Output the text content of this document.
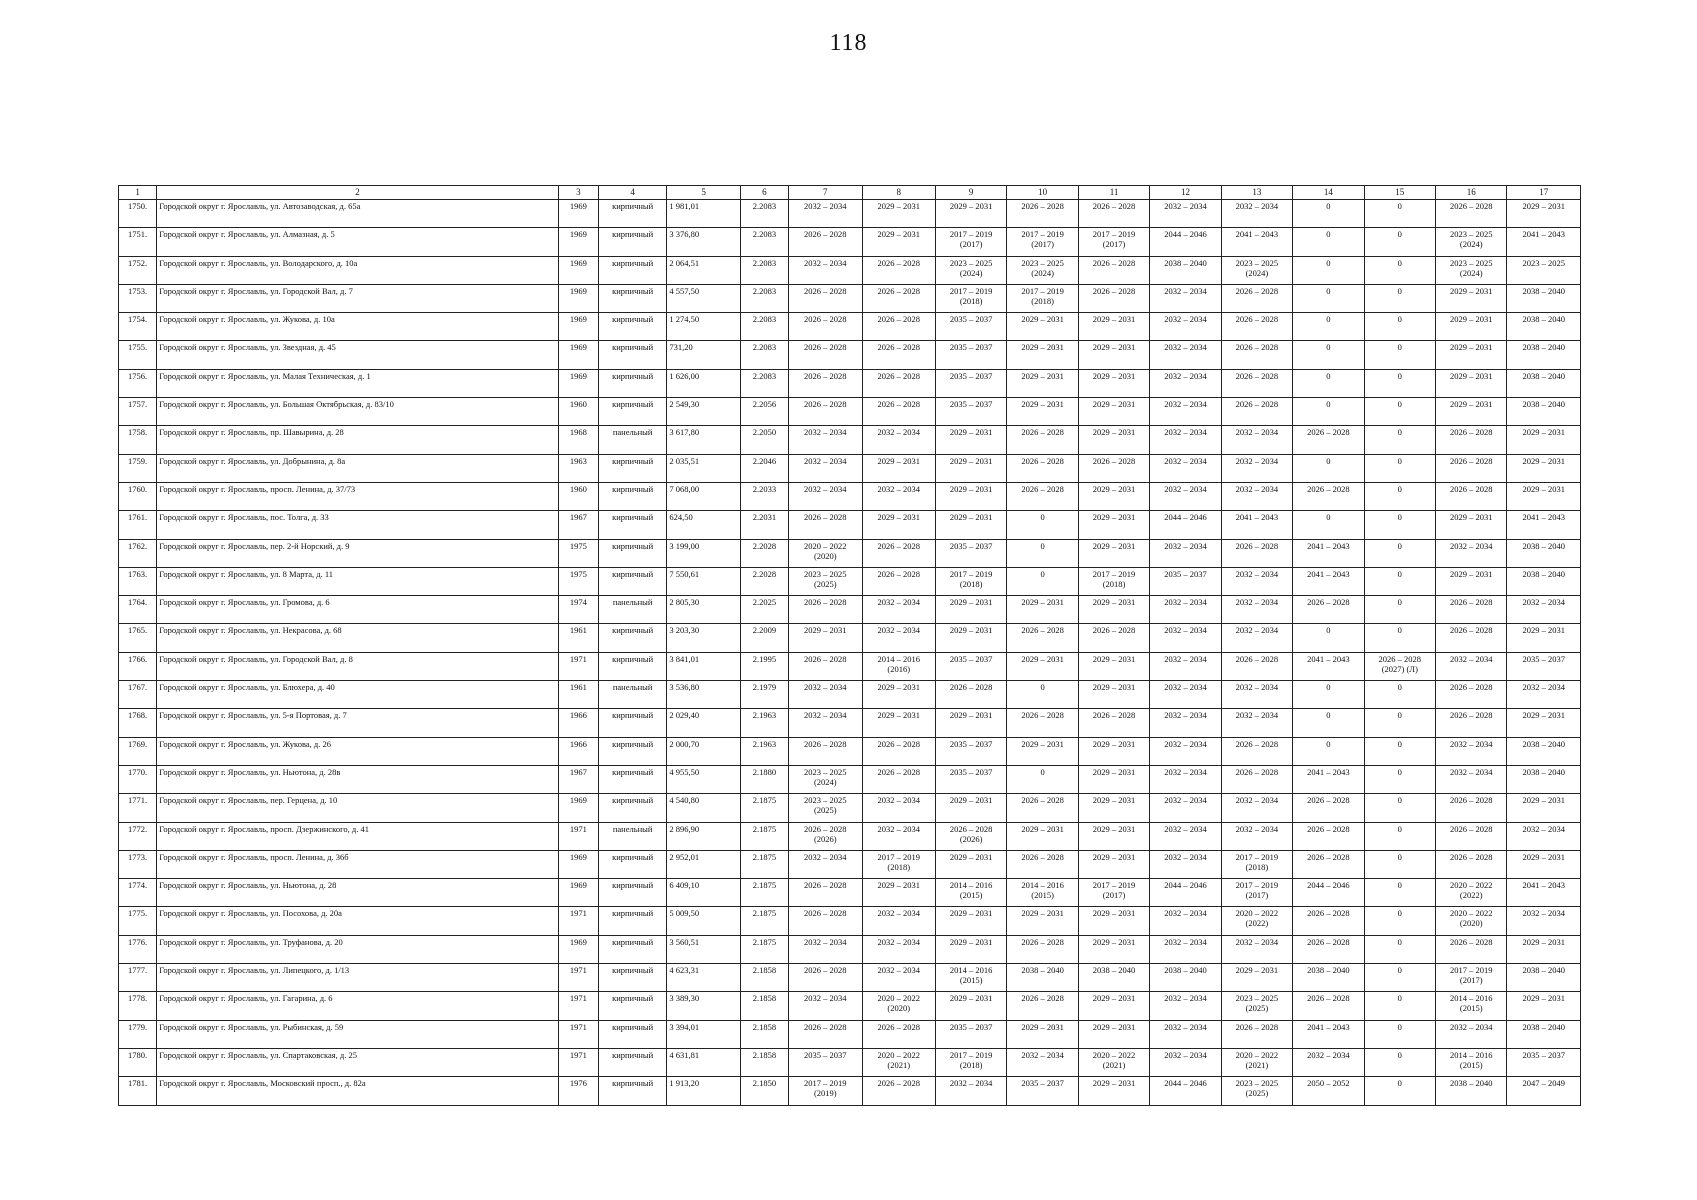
118
1	2	3	4	5	6	7	8	9	10	11	12	13	14	15	16	17
1750.	Городской округ г. Ярославль, ул. Автозаводская, д. 65а	1969	кирпичный	1 981,01	2.2083	2032 – 2034	2029 – 2031	2029 – 2031	2026 – 2028	2026 – 2028	2032 – 2034	2032 – 2034	0	0	2026 – 2028	2029 – 2031
1751.	Городской округ г. Ярославль, ул. Алмазная, д. 5	1969	кирпичный	3 376,80	2.2083	2026 – 2028	2029 – 2031	2017 – 2019
(2017)	2017 – 2019
(2017)	2017 – 2019
(2017)	2044 – 2046	2041 – 2043	0	0	2023 – 2025
(2024)	2041 – 2043
1752.	Городской округ г. Ярославль, ул. Володарского, д. 10а	1969	кирпичный	2 064,51	2.2083	2032 – 2034	2026 – 2028	2023 – 2025
(2024)	2023 – 2025
(2024)	2026 – 2028	2038 – 2040	2023 – 2025
(2024)	0	0	2023 – 2025
(2024)	2023 – 2025
1753.	Городской округ г. Ярославль, ул. Городской Вал, д. 7	1969	кирпичный	4 557,50	2.2083	2026 – 2028	2026 – 2028	2017 – 2019
(2018)	2017 – 2019
(2018)	2026 – 2028	2032 – 2034	2026 – 2028	0	0	2029 – 2031	2038 – 2040
1754.	Городской округ г. Ярославль, ул. Жукова, д. 10а	1969	кирпичный	1 274,50	2.2083	2026 – 2028	2026 – 2028	2035 – 2037	2029 – 2031	2029 – 2031	2032 – 2034	2026 – 2028	0	0	2029 – 2031	2038 – 2040
1755.	Городской округ г. Ярославль, ул. Звездная, д. 45	1969	кирпичный	731,20	2.2083	2026 – 2028	2026 – 2028	2035 – 2037	2029 – 2031	2029 – 2031	2032 – 2034	2026 – 2028	0	0	2029 – 2031	2038 – 2040
1756.	Городской округ г. Ярославль, ул. Малая Техническая, д. 1	1969	кирпичный	1 626,00	2.2083	2026 – 2028	2026 – 2028	2035 – 2037	2029 – 2031	2029 – 2031	2032 – 2034	2026 – 2028	0	0	2029 – 2031	2038 – 2040
1757.	Городской округ г. Ярославль, ул. Большая Октябрьская, д. 83/10	1960	кирпичный	2 549,30	2.2056	2026 – 2028	2026 – 2028	2035 – 2037	2029 – 2031	2029 – 2031	2032 – 2034	2026 – 2028	0	0	2029 – 2031	2038 – 2040
1758.	Городской округ г. Ярославль, пр. Шавырина, д. 28	1968	панельный	3 617,80	2.2050	2032 – 2034	2032 – 2034	2029 – 2031	2026 – 2028	2029 – 2031	2032 – 2034	2032 – 2034	2026 – 2028	0	2026 – 2028	2029 – 2031
1759.	Городской округ г. Ярославль, ул. Добрынина, д. 8а	1963	кирпичный	2 035,51	2.2046	2032 – 2034	2029 – 2031	2029 – 2031	2026 – 2028	2026 – 2028	2032 – 2034	2032 – 2034	0	0	2026 – 2028	2029 – 2031
1760.	Городской округ г. Ярославль, просп. Ленина, д. 37/73	1960	кирпичный	7 068,00	2.2033	2032 – 2034	2032 – 2034	2029 – 2031	2026 – 2028	2029 – 2031	2032 – 2034	2032 – 2034	2026 – 2028	0	2026 – 2028	2029 – 2031
1761.	Городской округ г. Ярославль, пос. Толга, д. 33	1967	кирпичный	624,50	2.2031	2026 – 2028	2029 – 2031	2029 – 2031	0	2029 – 2031	2044 – 2046	2041 – 2043	0	0	2029 – 2031	2041 – 2043
1762.	Городской округ г. Ярославль, пер. 2-й Норский, д. 9	1975	кирпичный	3 199,00	2.2028	2020 – 2022
(2020)	2026 – 2028	2035 – 2037	0	2029 – 2031	2032 – 2034	2026 – 2028	2041 – 2043	0	2032 – 2034	2038 – 2040
1763.	Городской округ г. Ярославль, ул. 8 Марта, д. 11	1975	кирпичный	7 550,61	2.2028	2023 – 2025
(2025)	2026 – 2028	2017 – 2019
(2018)	0	2017 – 2019
(2018)	2035 – 2037	2032 – 2034	2041 – 2043	0	2029 – 2031	2038 – 2040
1764.	Городской округ г. Ярославль, ул. Громова, д. 6	1974	панельный	2 805,30	2.2025	2026 – 2028	2032 – 2034	2029 – 2031	2029 – 2031	2029 – 2031	2032 – 2034	2032 – 2034	2026 – 2028	0	2026 – 2028	2032 – 2034
1765.	Городской округ г. Ярославль, ул. Некрасова, д. 68	1961	кирпичный	3 203,30	2.2009	2029 – 2031	2032 – 2034	2029 – 2031	2026 – 2028	2026 – 2028	2032 – 2034	2032 – 2034	0	0	2026 – 2028	2029 – 2031
1766.	Городской округ г. Ярославль, ул. Городской Вал, д. 8	1971	кирпичный	3 841,01	2.1995	2026 – 2028	2014 – 2016
(2016)	2035 – 2037	2029 – 2031	2029 – 2031	2032 – 2034	2026 – 2028	2041 – 2043	2026 – 2028
(2027) (Л)	2032 – 2034	2035 – 2037
1767.	Городской округ г. Ярославль, ул. Блюхера, д. 40	1961	панельный	3 536,80	2.1979	2032 – 2034	2029 – 2031	2026 – 2028	0	2029 – 2031	2032 – 2034	2032 – 2034	0	0	2026 – 2028	2032 – 2034
1768.	Городской округ г. Ярославль, ул. 5-я Портовая, д. 7	1966	кирпичный	2 029,40	2.1963	2032 – 2034	2029 – 2031	2029 – 2031	2026 – 2028	2026 – 2028	2032 – 2034	2032 – 2034	0	0	2026 – 2028	2029 – 2031
1769.	Городской округ г. Ярославль, ул. Жукова, д. 26	1966	кирпичный	2 000,70	2.1963	2026 – 2028	2026 – 2028	2035 – 2037	2029 – 2031	2029 – 2031	2032 – 2034	2026 – 2028	0	0	2032 – 2034	2038 – 2040
1770.	Городской округ г. Ярославль, ул. Ньютона, д. 28в	1967	кирпичный	4 955,50	2.1880	2023 – 2025
(2024)	2026 – 2028	2035 – 2037	0	2029 – 2031	2032 – 2034	2026 – 2028	2041 – 2043	0	2032 – 2034	2038 – 2040
1771.	Городской округ г. Ярославль, пер. Герцена, д. 10	1969	кирпичный	4 540,80	2.1875	2023 – 2025
(2025)	2032 – 2034	2029 – 2031	2026 – 2028	2029 – 2031	2032 – 2034	2032 – 2034	2026 – 2028	0	2026 – 2028	2029 – 2031
1772.	Городской округ г. Ярославль, просп. Дзержинского, д. 41	1971	панельный	2 896,90	2.1875	2026 – 2028
(2026)	2032 – 2034	2026 – 2028
(2026)	2029 – 2031	2029 – 2031	2032 – 2034	2032 – 2034	2026 – 2028	0	2026 – 2028	2032 – 2034
1773.	Городской округ г. Ярославль, просп. Ленина, д. 36б	1969	кирпичный	2 952,01	2.1875	2032 – 2034	2017 – 2019
(2018)	2029 – 2031	2026 – 2028	2029 – 2031	2032 – 2034	2017 – 2019
(2018)	2026 – 2028	0	2026 – 2028	2029 – 2031
1774.	Городской округ г. Ярославль, ул. Ньютона, д. 28	1969	кирпичный	6 409,10	2.1875	2026 – 2028	2029 – 2031	2014 – 2016
(2015)	2014 – 2016
(2015)	2017 – 2019
(2017)	2044 – 2046	2017 – 2019
(2017)	2044 – 2046	0	2020 – 2022
(2022)	2041 – 2043
1775.	Городской округ г. Ярославль, ул. Посохова, д. 20а	1971	кирпичный	5 009,50	2.1875	2026 – 2028	2032 – 2034	2029 – 2031	2029 – 2031	2029 – 2031	2032 – 2034	2020 – 2022
(2022)	2026 – 2028	0	2020 – 2022
(2020)	2032 – 2034
1776.	Городской округ г. Ярославль, ул. Труфанова, д. 20	1969	кирпичный	3 560,51	2.1875	2032 – 2034	2032 – 2034	2029 – 2031	2026 – 2028	2029 – 2031	2032 – 2034	2032 – 2034	2026 – 2028	0	2026 – 2028	2029 – 2031
1777.	Городской округ г. Ярославль, ул. Липецкого, д. 1/13	1971	кирпичный	4 623,31	2.1858	2026 – 2028	2032 – 2034	2014 – 2016
(2015)	2038 – 2040	2038 – 2040	2038 – 2040	2029 – 2031	2038 – 2040	0	2017 – 2019
(2017)	2038 – 2040
1778.	Городской округ г. Ярославль, ул. Гагарина, д. 6	1971	кирпичный	3 389,30	2.1858	2032 – 2034	2020 – 2022
(2020)	2029 – 2031	2026 – 2028	2029 – 2031	2032 – 2034	2023 – 2025
(2025)	2026 – 2028	0	2014 – 2016
(2015)	2029 – 2031
1779.	Городской округ г. Ярославль, ул. Рыбинская, д. 59	1971	кирпичный	3 394,01	2.1858	2026 – 2028	2026 – 2028	2035 – 2037	2029 – 2031	2029 – 2031	2032 – 2034	2026 – 2028	2041 – 2043	0	2032 – 2034	2038 – 2040
1780.	Городской округ г. Ярославль, ул. Спартаковская, д. 25	1971	кирпичный	4 631,81	2.1858	2035 – 2037	2020 – 2022
(2021)	2017 – 2019
(2018)	2032 – 2034	2020 – 2022
(2021)	2032 – 2034	2020 – 2022
(2021)	2032 – 2034	0	2014 – 2016
(2015)	2035 – 2037
1781.	Городской округ г. Ярославль, Московский просп., д. 82а	1976	кирпичный	1 913,20	2.1850	2017 – 2019
(2019)	2026 – 2028	2032 – 2034	2035 – 2037	2029 – 2031	2044 – 2046	2023 – 2025
(2025)	2050 – 2052	0	2038 – 2040	2047 – 2049
